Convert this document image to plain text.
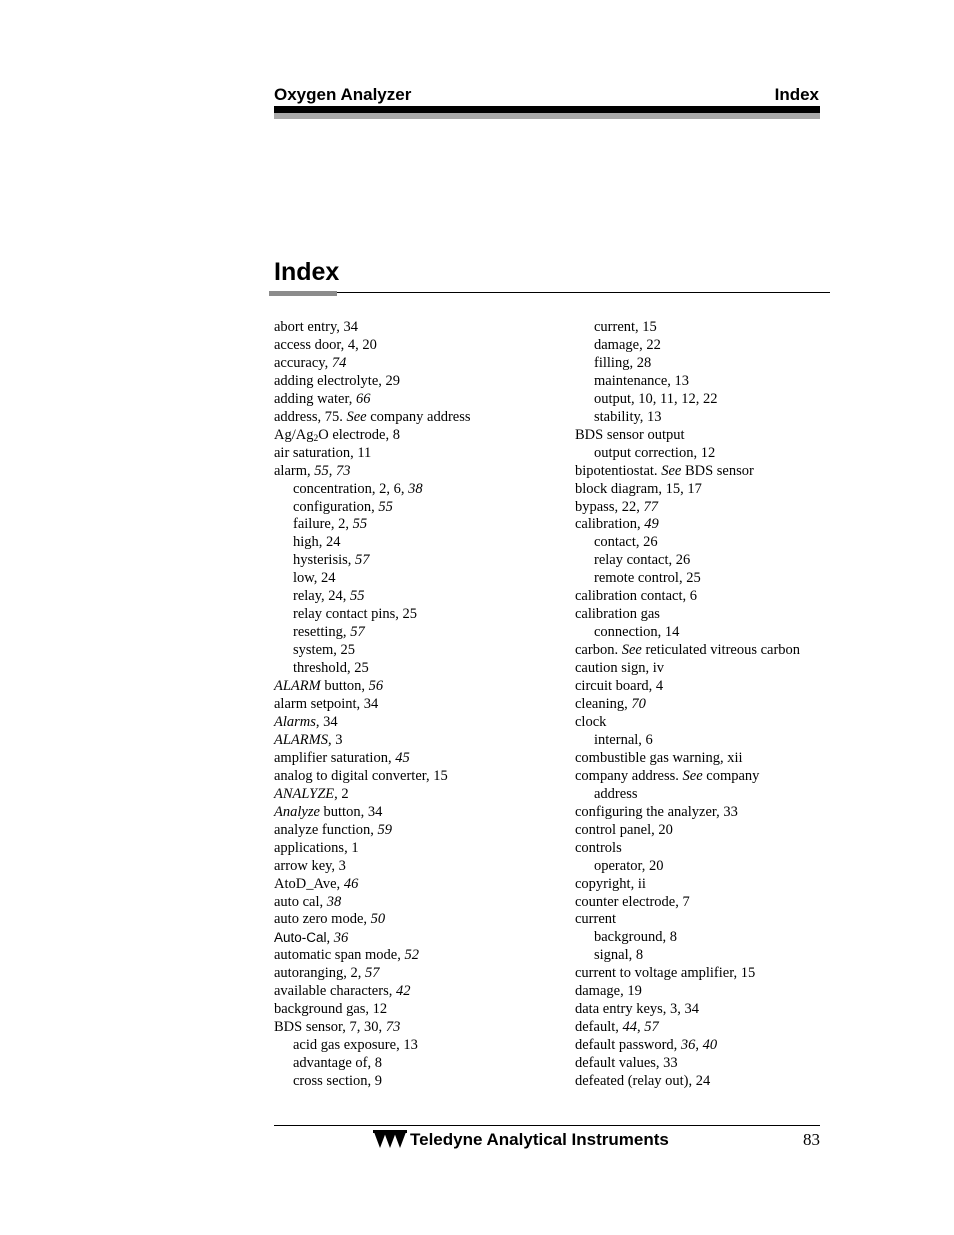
Oxygen Analyzer	Index
Index
abort entry, 34
access door, 4, 20
accuracy, 74
adding electrolyte, 29
adding water, 66
address, 75. See company address
$Ag/Ag_2O$ electrode, 8
air saturation, 11
alarm, 55, 73
concentration, 2, 6, 38
configuration, 55
failure, 2, 55
high, 24
hysterisis, 57
low, 24
relay, 24, 55
relay contact pins, 25
resetting, 57
system, 25
threshold, 25
ALARM button, 56
alarm setpoint, 34
Alarms, 34
ALARMS, 3
amplifier saturation, 45
analog to digital converter, 15
ANALYZE, 2
Analyze button, 34
analyze function, 59
applications, 1
arrow key, 3
AtoD_Ave, 46
auto cal, 38
auto zero mode, 50
Auto-Cal, 36
automatic span mode, 52
autoranging, 2, 57
available characters, 42
background gas, 12
BDS sensor, 7, 30, 73
acid gas exposure, 13
advantage of, 8
cross section, 9
current, 15
damage, 22
filling, 28
maintenance, 13
output, 10, 11, 12, 22
stability, 13
BDS sensor output
output correction, 12
bipotentiostat. See BDS sensor
block diagram, 15, 17
bypass, 22, 77
calibration, 49
contact, 26
relay contact, 26
remote control, 25
calibration contact, 6
calibration gas
connection, 14
carbon. See reticulated vitreous carbon
caution sign, iv
circuit board, 4
cleaning, 70
clock
internal, 6
combustible gas warning, xii
company address. See company
address
configuring the analyzer, 33
control panel, 20
controls
operator, 20
copyright, ii
counter electrode, 7
current
background, 8
signal, 8
current to voltage amplifier, 15
damage, 19
data entry keys, 3, 34
default, 44, 57
default password, 36, 40
default values, 33
defeated (relay out), 24
Teledyne Analytical Instruments	83
